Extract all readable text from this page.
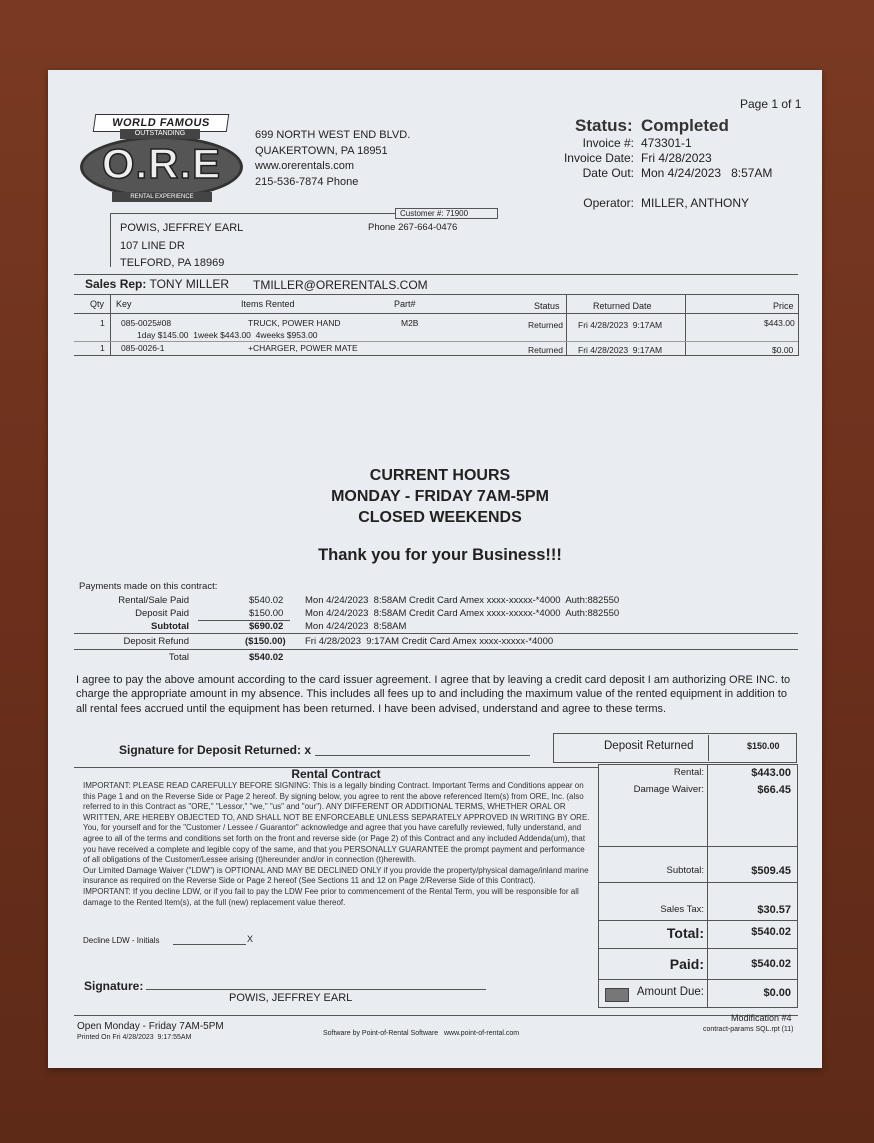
Page 1 of 1
O.R.E
WORLD FAMOUS
OUTSTANDING
RENTAL EXPERIENCE
699 NORTH WEST END BLVD.
QUAKERTOWN, PA 18951
www.orerentals.com
215-536-7874 Phone
Status: Completed
Invoice #: 473301-1
Invoice Date: Fri 4/28/2023
Date Out: Mon 4/24/2023   8:57AM
Operator: MILLER, ANTHONY
Customer #: 71900
POWIS, JEFFREY EARL
107 LINE DR
TELFORD, PA 18969
Phone 267-664-0476
Sales Rep: TONY MILLER TMILLER@ORERENTALS.COM
Qty Key	Items Rented	Part#	Status	Returned Date	Price
1 085-0025#08	TRUCK, POWER HAND	M2B	Returned Fri 4/28/2023  9:17AM	$443.00
1day $145.00  1week $443.00  4weeks $953.00
1 085-0026-1	+CHARGER, POWER MATE	Returned Fri 4/28/2023  9:17AM	$0.00
CURRENT HOURS
MONDAY - FRIDAY 7AM-5PM
CLOSED WEEKENDS
Thank you for your Business!!!
Payments made on this contract:
Rental/Sale Paid	$540.02 Mon 4/24/2023  8:58AM Credit Card Amex xxxx-xxxxx-*4000  Auth:882550
Deposit Paid	$150.00 Mon 4/24/2023  8:58AM Credit Card Amex xxxx-xxxxx-*4000  Auth:882550
Subtotal	$690.02 Mon 4/24/2023  8:58AM
Deposit Refund	($150.00) Fri 4/28/2023  9:17AM Credit Card Amex xxxx-xxxxx-*4000
Total	$540.02
I agree to pay the above amount according to the card issuer agreement. I agree that by leaving a credit card deposit I am authorizing ORE INC. to charge the appropriate amount in my absence. This includes all fees up to and including the maximum value of the rented equipment in addition to all rental fees accrued until the equipment has been returned. I have been advised, understand and agree to these terms.
Signature for Deposit Returned: x	Deposit Returned	$150.00
Rental Contract
IMPORTANT: PLEASE READ CAREFULLY BEFORE SIGNING: This is a legally binding Contract. Important Terms and Conditions appear on this Page 1 and on the Reverse Side or Page 2 hereof. By signing below, you agree to rent the above referenced Item(s) from ORE, Inc. (also referred to in this Contract as "ORE," "Lessor," "we," "us" and "our"). ANY DIFFERENT OR ADDITIONAL TERMS, WHETHER ORAL OR WRITTEN, ARE HEREBY OBJECTED TO, AND SHALL NOT BE ENFORCEABLE UNLESS SEPARATELY APPROVED IN WRITING BY ORE. You, for yourself and for the "Customer / Lessee / Guarantor" acknowledge and agree that you have carefully reviewed, fully understand, and agree to all of the terms and conditions set forth on the front and reverse side (or Page 2) of this Contract and any included Addenda(um), that you have received a complete and legible copy of the same, and that you PERSONALLY GUARANTEE the prompt payment and performance of all obligations of the Customer/Lessee arising (t)hereunder and/or in connection (t)herewith.
Our Limited Damage Waiver ("LDW") is OPTIONAL AND MAY BE DECLINED ONLY if you provide the property/physical damage/inland marine insurance as required on the Reverse Side or Page 2 hereof (See Sections 11 and 12 on Page 2/Reverse Side of this Contract).
IMPORTANT: If you decline LDW, or if you fail to pay the LDW Fee prior to commencement of the Rental Term, you will be responsible for all damage to the Rented Item(s), at the full (new) replacement value thereof.
Decline LDW - Initials	X
Signature:
POWIS, JEFFREY EARL
Rental:	$443.00
Damage Waiver:	$66.45
Subtotal:	$509.45
Sales Tax:	$30.57
Total:	$540.02
Paid:	$540.02
Amount Due:	$0.00
Open Monday - Friday 7AM-5PM
Printed On Fri 4/28/2023  9:17:55AM
Software by Point-of-Rental Software   www.point-of-rental.com
Modification #4
contract-params SQL.rpt (11)
